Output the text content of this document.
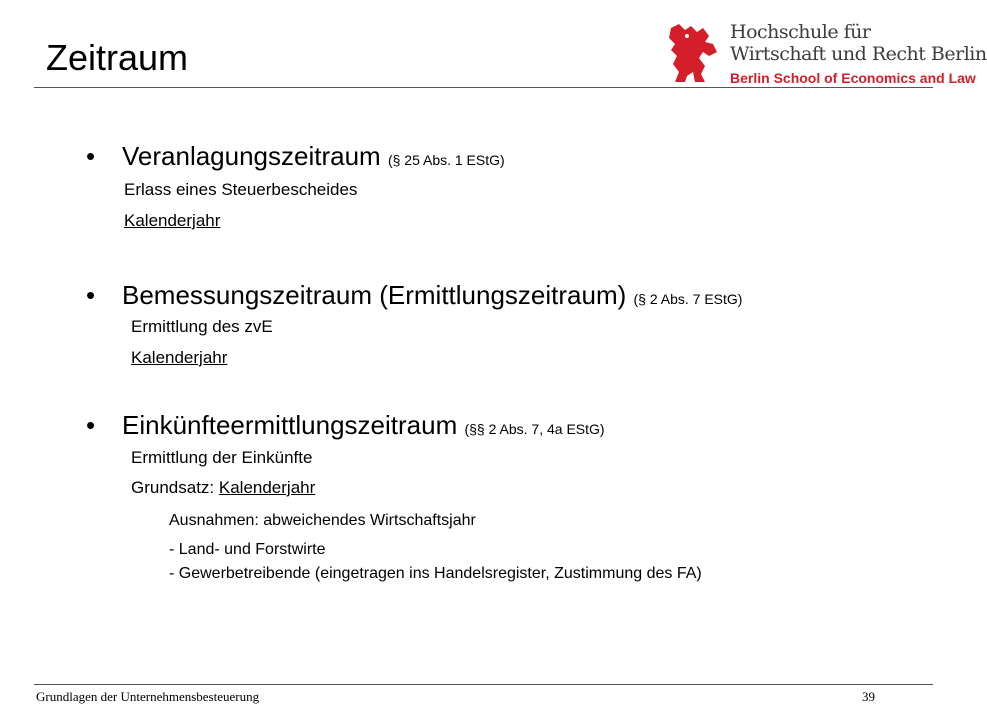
Zeitraum
Hochschule für
Wirtschaft und Recht Berlin
Berlin School of Economics and Law
• Veranlagungszeitraum (§ 25 Abs. 1 EStG)
Erlass eines Steuerbescheides
Kalenderjahr
• Bemessungszeitraum (Ermittlungszeitraum) (§ 2 Abs. 7 EStG)
Ermittlung des zvE
Kalenderjahr
• Einkünfteermittlungszeitraum (§§ 2 Abs. 7, 4a EStG)
Ermittlung der Einkünfte
Grundsatz: Kalenderjahr
Ausnahmen: abweichendes Wirtschaftsjahr
- Land- und Forstwirte
- Gewerbetreibende (eingetragen ins Handelsregister, Zustimmung des FA)
Grundlagen der Unternehmensbesteuerung	39
